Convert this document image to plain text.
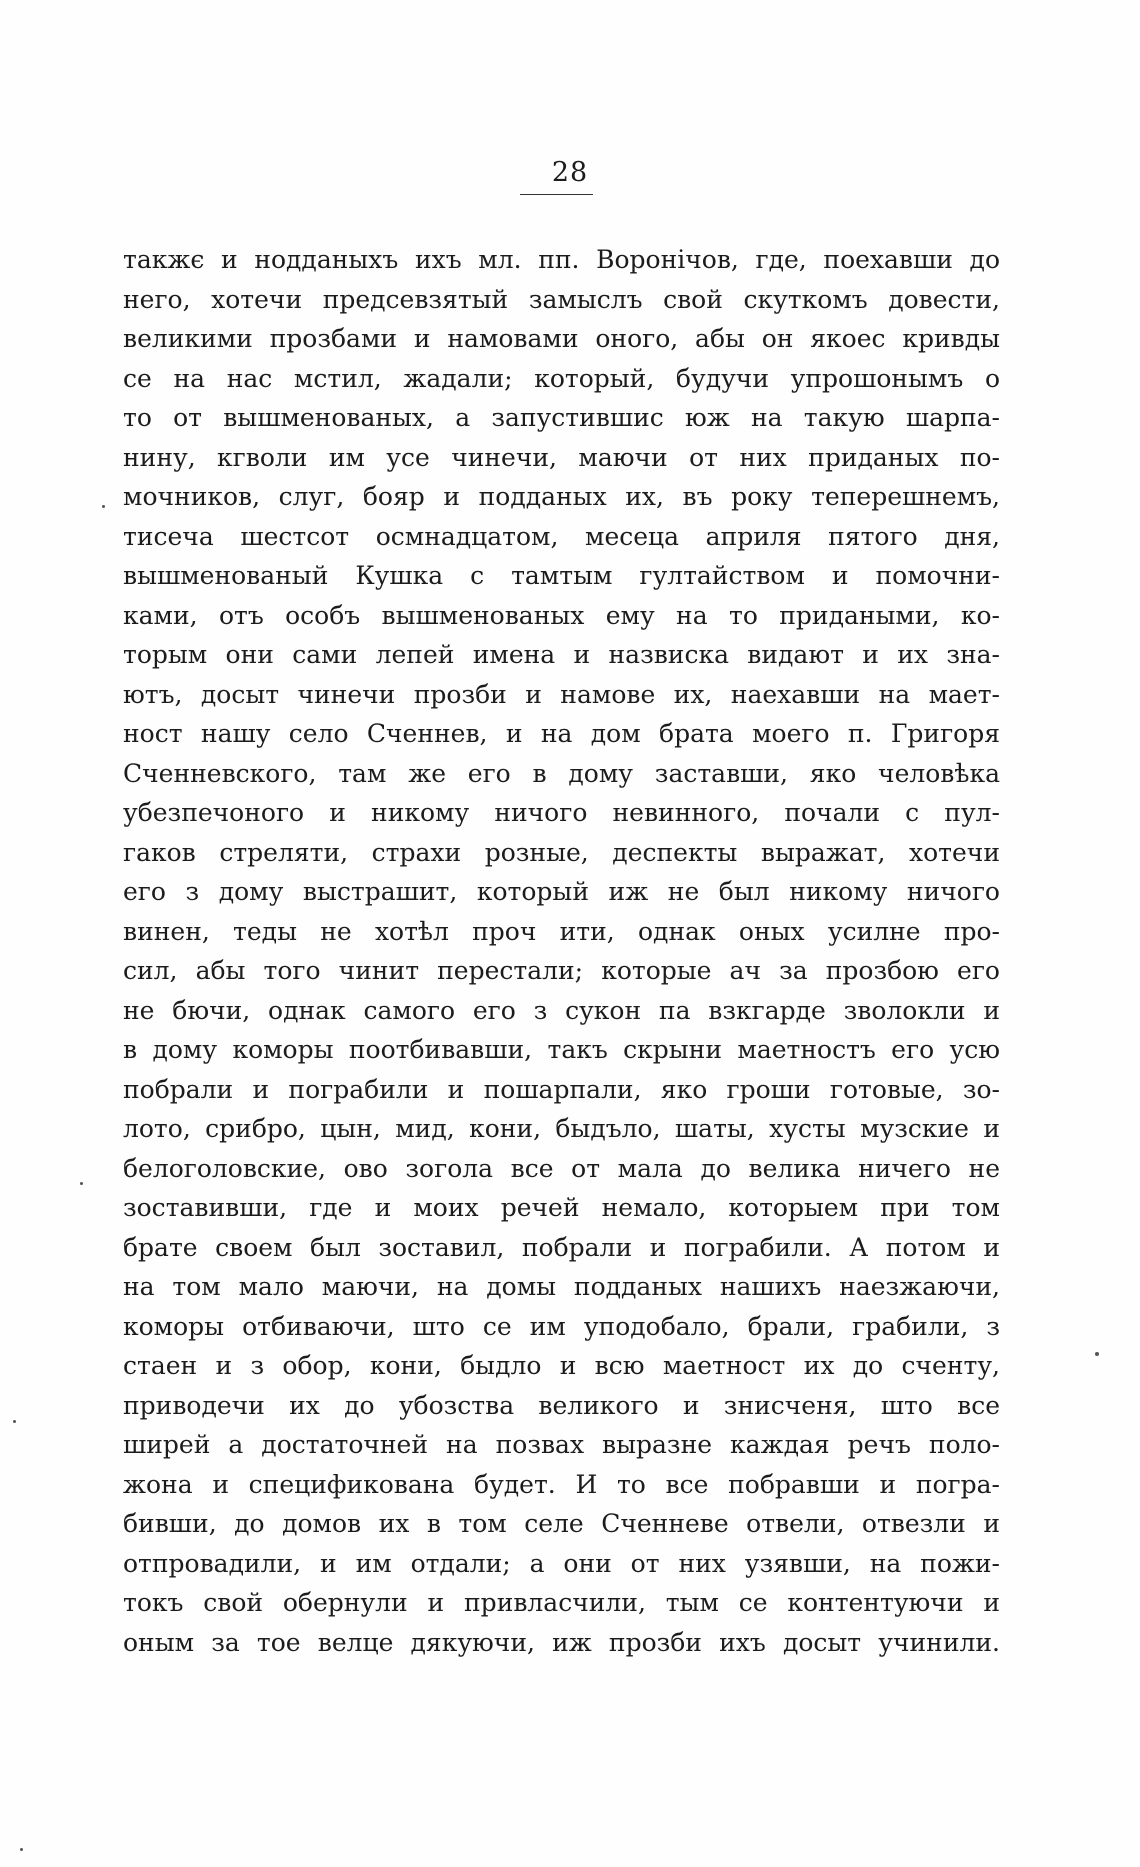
28
такжє и нодданыхъ ихъ мл. пп. Воронічов, где, поехавши до
него, хотечи предсевзятый замыслъ свой скуткомъ довести,
великими прозбами и намовами оного, абы он якоес кривды
се на нас мстил, жадали; который, будучи упрошонымъ о
то от вышменованых, а запустившис юж на такую шарпа-
нину, кгволи им усе чинечи, маючи от них приданых по-
мочников, слуг, бояр и подданых их, въ року теперешнемъ,
тисеча шестсот осмнадцатом, месеца априля пятого дня,
вышменованый Кушка с тамтым гултайством и помочни-
ками, отъ особъ вышменованых ему на то придаными, ко-
торым они сами лепей имена и назвиска видают и их зна-
ютъ, досыт чинечи прозби и намове их, наехавши на мает-
ност нашу село Сченнев, и на дом брата моего п. Григоря
Сченневского, там же его в дому заставши, яко человѣка
убезпечоного и никому ничого невинного, почали с пул-
гаков стреляти, страхи розные, деспекты выражат, хотечи
его з дому выстрашит, который иж не был никому ничого
винен, теды не хотѣл проч ити, однак оных усилне про-
сил, абы того чинит перестали; которые ач за прозбою его
не бючи, однак самого его з сукон па взкгарде зволокли и
в дому коморы поотбивавши, такъ скрыни маетностъ его усю
побрали и пограбили и пошарпали, яко гроши готовые, зо-
лото, срибро, цын, мид, кони, быдъло, шаты, хусты музские и
белоголовские, ово зогола все от мала до велика ничего не
зоставивши, где и моих речей немало, которыем при том
брате своем был зоставил, побрали и пограбили. А потом и
на том мало маючи, на домы подданых нашихъ наезжаючи,
коморы отбиваючи, што се им уподобало, брали, грабили, з
стаен и з обор, кони, быдло и всю маетност их до сченту,
приводечи их до убозства великого и знисченя, што все
ширей а достаточней на позвах выразне каждая речъ поло-
жона и спецификована будет. И то все побравши и погра-
бивши, до домов их в том селе Сченневе отвели, отвезли и
отпровадили, и им отдали; а они от них узявши, на пожи-
токъ свой обернули и привласчили, тым се контентуючи и
оным за тое велце дякуючи, иж прозби ихъ досыт учинили.
